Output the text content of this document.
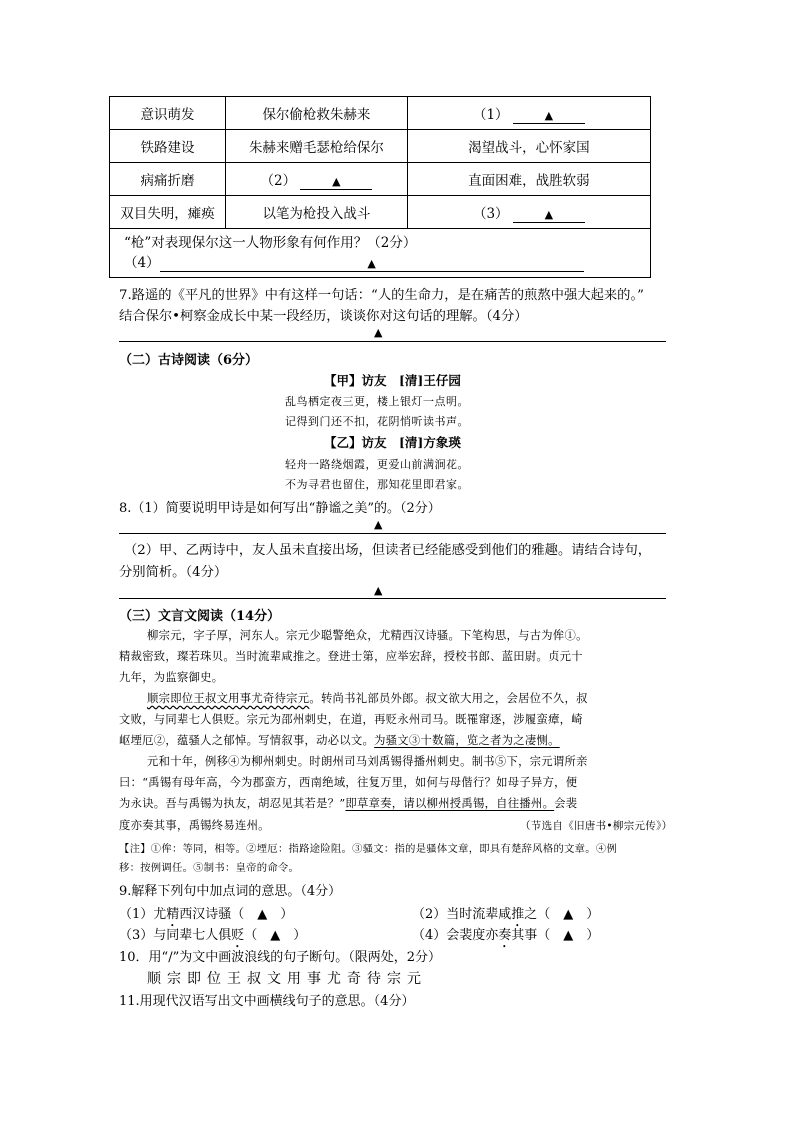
意识萌发	保尔偷枪救朱赫来	（1） ▲
铁路建设	朱赫来赠毛瑟枪给保尔	渴望战斗，心怀家国
病痛折磨	（2） ▲	直面困难，战胜软弱
双目失明，瘫痪	以笔为枪投入战斗	（3） ▲

“枪”对表现保尔这一人物形象有何作用？（2分）
（4） ▲		
7.路遥的《平凡的世界》中有这样一句话：“人的生命力，是在痛苦的煎熬中强大起来的。”
结合保尔•柯察金成长中某一段经历，谈谈你对这句话的理解。（4分）
▲
（二）古诗阅读（6分）
【甲】访友　[清]王仔园
乱鸟栖定夜三更，楼上银灯一点明。
记得到门还不扣，花阴悄听读书声。
【乙】访友　[清]方象瑛
轻舟一路绕烟霞，更爱山前满涧花。
不为寻君也留住，那知花里即君家。
8.（1）简要说明甲诗是如何写出“静谧之美”的。（2分）
▲
（2）甲、乙两诗中，友人虽未直接出场，但读者已经能感受到他们的雅趣。请结合诗句，
分别简析。（4分）
▲
（三）文言文阅读（14分）
柳宗元，字子厚，河东人。宗元少聪警绝众，尤精西汉诗骚。下笔构思，与古为侔①。
精裁密致，璨若珠贝。当时流辈咸推之。登进士第，应举宏辞，授校书郎、蓝田尉。贞元十
九年，为监察御史。
顺宗即位王叔文用事尤奇待宗元。转尚书礼部员外郎。叔文欲大用之，会居位不久，叔
文败，与同辈七人俱贬。宗元为邵州刺史，在道，再贬永州司马。既罹窜逐，涉履蛮瘴，崎
岖堙厄②，蕴骚人之郁悼。写情叙事，动必以文。为骚文③十数篇，览之者为之凄恻。
元和十年，例移④为柳州刺史。时朗州司马刘禹锡得播州刺史。制书⑤下，宗元谓所亲
曰：“禹锡有母年高，今为郡蛮方，西南绝域，往复万里，如何与母偕行？如母子异方，便
为永诀。吾与禹锡为执友，胡忍见其若是？”即草章奏，请以柳州授禹锡，自往播州。会裴
度亦奏其事，禹锡终易连州。	（节选自《旧唐书•柳宗元传》）
【注】①侔：等同，相等。②堙厄：指路途险阻。③骚文：指的是骚体文章，即具有楚辞风格的文章。④例
移：按例调任。⑤制书：皇帝的命令。
9.解释下列句中加点词的意思。（4分）
（1）尤精西汉诗骚（　▲　）	（2）当时流辈咸推之（　▲　）
（3）与同辈七人俱贬（　▲　）	（4）会裴度亦奏其事（　▲　）
10．用“/”为文中画波浪线的句子断句。（限两处，2分）
顺宗即位王叔文用事尤奇待宗元
11.用现代汉语写出文中画横线句子的意思。（4分）
